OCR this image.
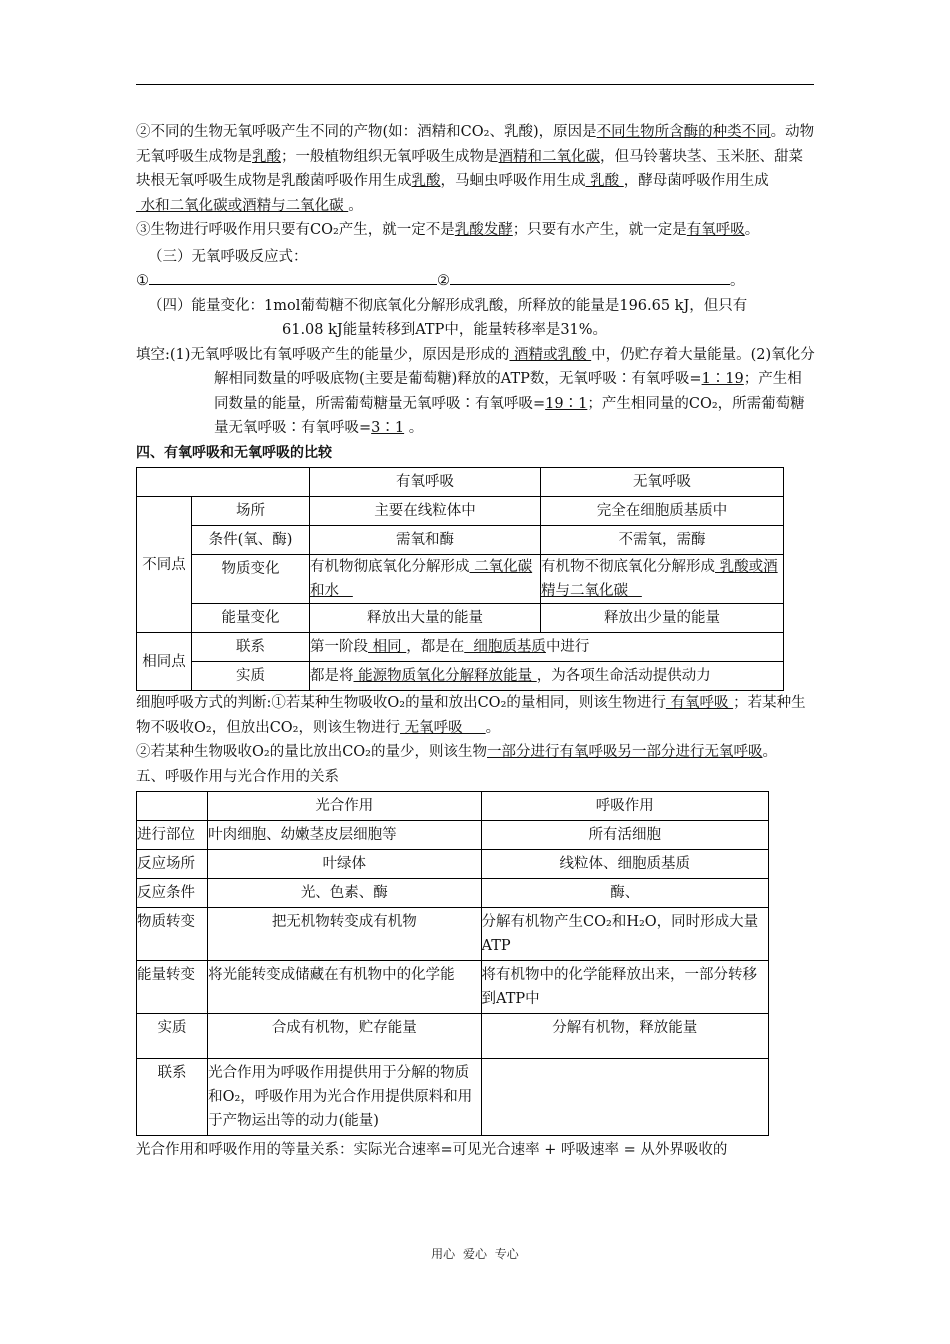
②不同的生物无氧呼吸产生不同的产物(如：酒精和CO₂、乳酸)，原因是不同生物所含酶的种类不同。动物无氧呼吸生成物是乳酸；一般植物组织无氧呼吸生成物是酒精和二氧化碳，但马铃薯块茎、玉米胚、甜菜块根无氧呼吸生成物是乳酸菌呼吸作用生成乳酸，马蛔虫呼吸作用生成 乳酸 ，酵母菌呼吸作用生成 水和二氧化碳或酒精与二氧化碳 。

③生物进行呼吸作用只要有CO₂产生，就一定不是乳酸发酵；只要有水产生，就一定是有氧呼吸。

（三）无氧呼吸反应式：

①	②	。

（四）能量变化：1mol葡萄糖不彻底氧化分解形成乳酸，所释放的能量是196.65 kJ，但只有

61.08 kJ能量转移到ATP中，能量转移率是31%。

填空:(1)无氧呼吸比有氧呼吸产生的能量少，原因是形成的 酒精或乳酸 中，仍贮存着大量能量。(2)氧化分解相同数量的呼吸底物(主要是葡萄糖)释放的ATP数，无氧呼吸∶有氧呼吸=1∶19；产生相同数量的能量，所需葡萄糖量无氧呼吸∶有氧呼吸=19∶1；产生相同量的CO₂，所需葡萄糖量无氧呼吸∶有氧呼吸=3∶1 。

四、有氧呼吸和无氧呼吸的比较

		有氧呼吸	无氧呼吸
不同点	场所	主要在线粒体中	完全在细胞质基质中
	条件(氧、酶)	需氧和酶	不需氧，需酶
	物质变化	有机物彻底氧化分解形成 二氧化碳和水	有机物不彻底氧化分解形成 乳酸或酒精与二氧化碳
	能量变化	释放出大量的能量	释放出少量的能量
相同点	联系	第一阶段 相同 ，都是在  细胞质基质中进行	
	实质	都是将 能源物质氧化分解释放能量 ，为各项生命活动提供动力	

细胞呼吸方式的判断:①若某种生物吸收O₂的量和放出CO₂的量相同，则该生物进行 有氧呼吸 ；若某种生物不吸收O₂，但放出CO₂，则该生物进行 无氧呼吸     。

②若某种生物吸收O₂的量比放出CO₂的量少，则该生物一部分进行有氧呼吸另一部分进行无氧呼吸。

五、呼吸作用与光合作用的关系

	光合作用	呼吸作用
进行部位	叶肉细胞、幼嫩茎皮层细胞等	所有活细胞
反应场所	叶绿体	线粒体、细胞质基质
反应条件	光、色素、酶	酶、
物质转变	把无机物转变成有机物	分解有机物产生CO₂和H₂O，同时形成大量ATP
能量转变	将光能转变成储藏在有机物中的化学能	将有机物中的化学能释放出来，一部分转移到ATP中
实质	合成有机物，贮存能量	分解有机物，释放能量
联系	光合作用为呼吸作用提供用于分解的物质和O₂，呼吸作用为光合作用提供原料和用于产物运出等的动力(能量)	

光合作用和呼吸作用的等量关系：实际光合速率=可见光合速率 + 呼吸速率 = 从外界吸收的

用心 爱心 专心
